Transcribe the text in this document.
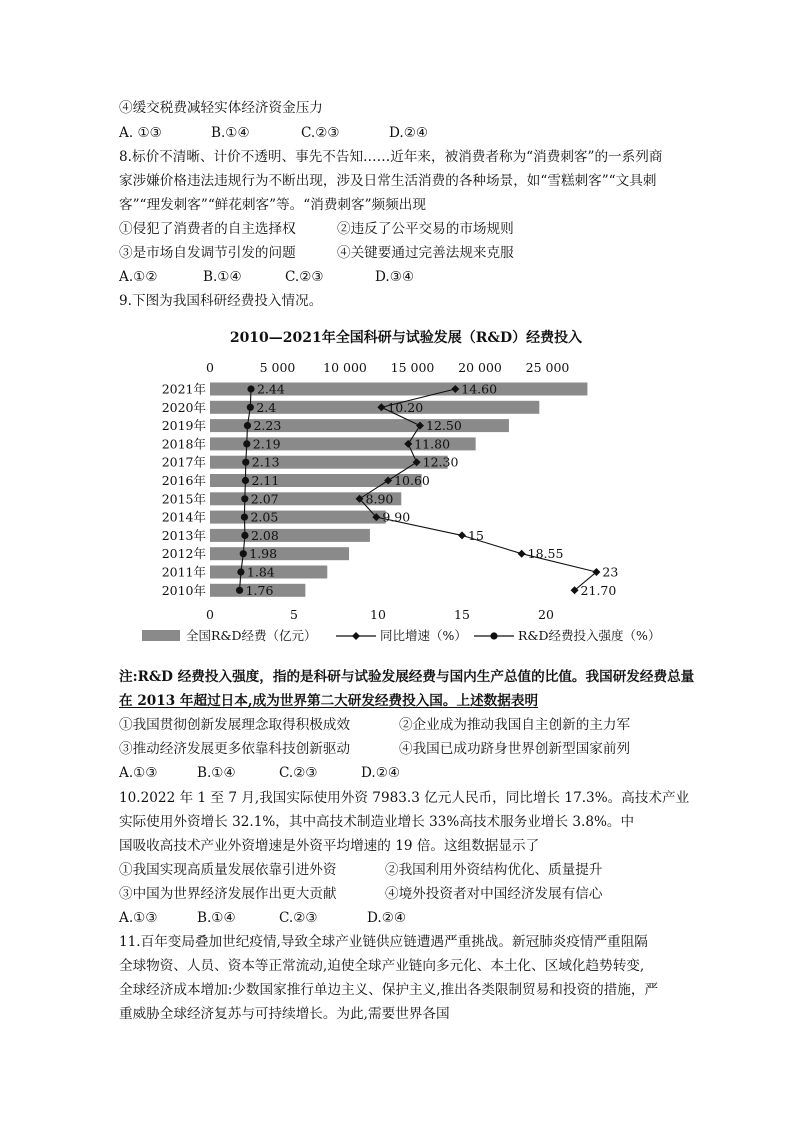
④缓交税费减轻实体经济资金压力
A. ①③	B.①④	C.②③	D.②④
8.标价不清晰、计价不透明、事先不告知……近年来，被消费者称为“消费刺客”的一系列商
家涉嫌价格违法违规行为不断出现，涉及日常生活消费的各种场景，如“雪糕刺客”“文具刺
客”“理发刺客”“鲜花刺客”等。“消费刺客”频频出现
①侵犯了消费者的自主选择权	②违反了公平交易的市场规则
③是市场自发调节引发的问题	④关键要通过完善法规来克服
A.①②	B.①④	C.②③	D.③④
9.下图为我国科研经费投入情况。
2010—2021年全国科研与试验发展（R&D）经费投入
0	5 000 10 000 15 000 20 000 25 000
2021年
2020年
2019年
2018年
2017年
2016年
2015年
2014年
2013年
2012年
2011年
2010年
14.60
10.20
12.50
11.80
12.30
10.60
8.90
9.90
15
18.55
23
21.70
2.44
2.4
2.23
2.19
2.13
2.11
2.07
2.05
2.08
1.98
1.84
1.76
0	5	10	15	20
全国R&D经费（亿元）	同比增速（%）	R&D经费投入强度（%）
注:R&D 经费投入强度，指的是科研与试验发展经费与国内生产总值的比值。我国研发经费总量
在 2013 年超过日本,成为世界第二大研发经费投入国。上述数据表明
①我国贯彻创新发展理念取得积极成效	②企业成为推动我国自主创新的主力军
③推动经济发展更多依靠科技创新驱动	④我国已成功跻身世界创新型国家前列
A.①③	B.①④	C.②③	D.②④
10.2022 年 1 至 7 月,我国实际使用外资 7983.3 亿元人民币，同比增长 17.3%。高技术产业
实际使用外资增长 32.1%，其中高技术制造业增长 33%高技术服务业增长 3.8%。中
国吸收高技术产业外资增速是外资平均增速的 19 倍。这组数据显示了
①我国实现高质量发展依靠引进外资	②我国利用外资结构优化、质量提升
③中国为世界经济发展作出更大贡献	④境外投资者对中国经济发展有信心
A.①③	B.①④	C.②③	D.②④
11.百年变局叠加世纪疫情,导致全球产业链供应链遭遇严重挑战。新冠肺炎疫情严重阻隔
全球物资、人员、资本等正常流动,迫使全球产业链向多元化、本土化、区域化趋势转变,
全球经济成本增加:少数国家推行单边主义、保护主义,推出各类限制贸易和投资的措施，严
重威胁全球经济复苏与可持续增长。为此,需要世界各国
